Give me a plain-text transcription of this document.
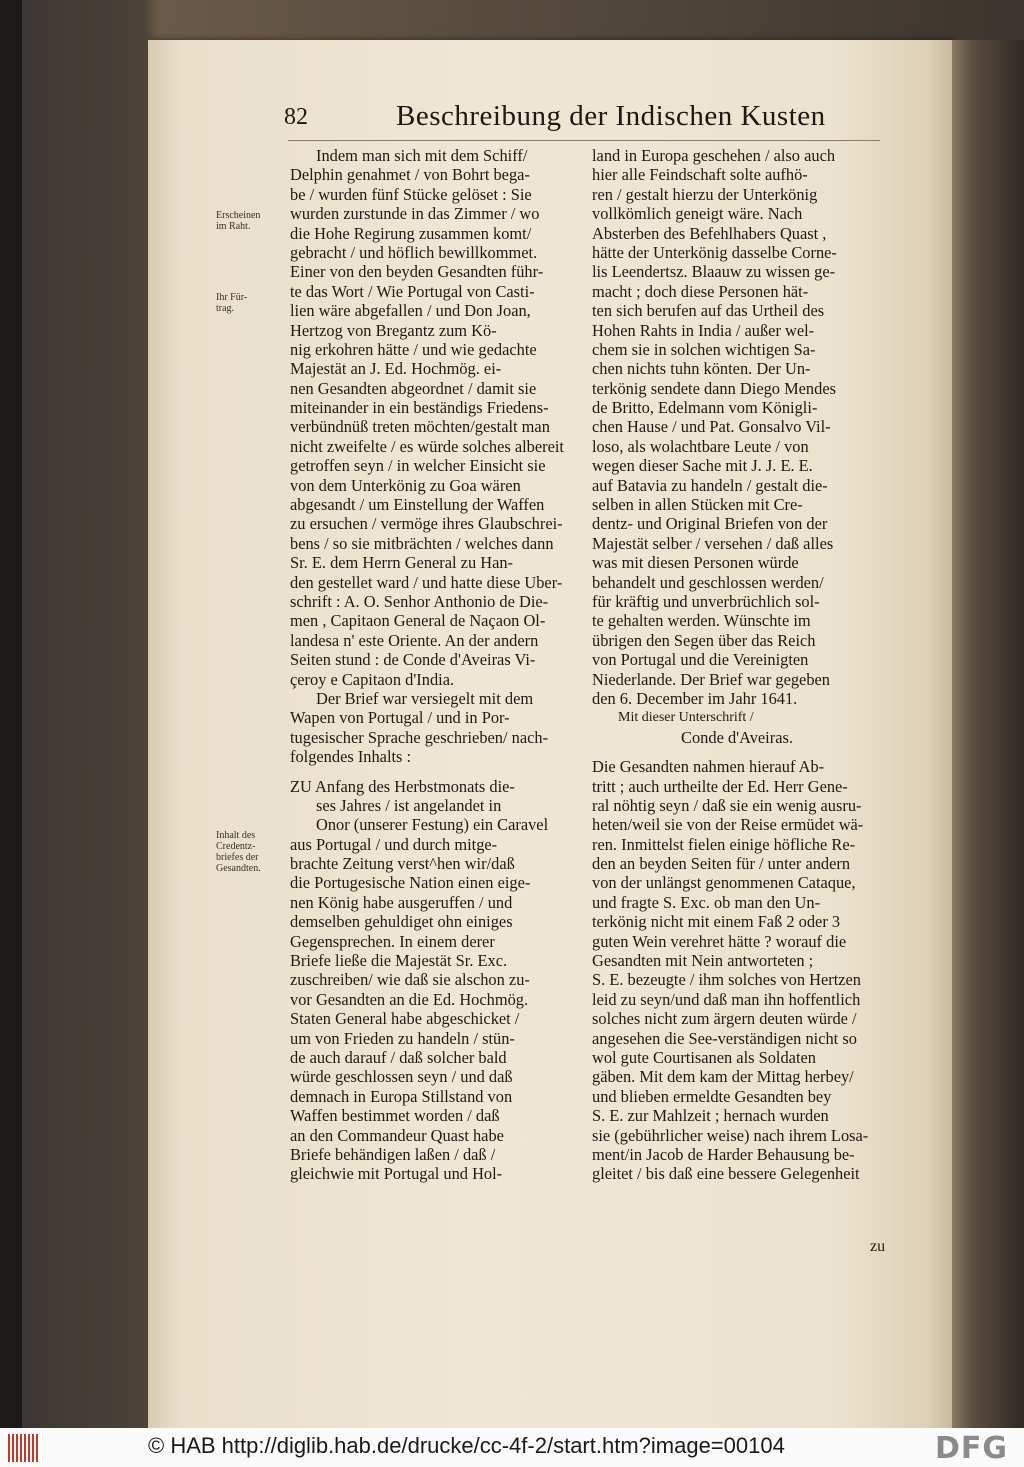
82	Beschreibung der Indischen Kusten
Erscheinen
im Raht.
Ihr Für-
trag.
Inhalt des
Credentz-
briefes der
Gesandten.
Indem man sich mit dem Schiff/
Delphin genahmet / von Bohrt bega-
be / wurden fünf Stücke gelöset : Sie
wurden zurstunde in das Zimmer / wo
die Hohe Regirung zusammen komt/
gebracht / und höflich bewillkommet.
Einer von den beyden Gesandten führ-
te das Wort / Wie Portugal von Casti-
lien wäre abgefallen / und Don Joan,
Hertzog von Bregantz zum Kö-
nig erkohren hätte / und wie gedachte
Majestät an J. Ed. Hochmög. ei-
nen Gesandten abgeordnet / damit sie
miteinander in ein beständigs Friedens-
verbündnüß treten möchten/gestalt man
nicht zweifelte / es würde solches albereit
getroffen seyn / in welcher Einsicht sie
von dem Unterkönig zu Goa wären
abgesandt / um Einstellung der Waffen
zu ersuchen / vermöge ihres Glaubschrei-
bens / so sie mitbrächten / welches dann
Sr. E. dem Herrn General zu Han-
den gestellet ward / und hatte diese Uber-
schrift : A. O. Senhor Anthonio de Die-
men , Capitaon General de Naçaon Ol-
landesa n' este Oriente. An der andern
Seiten stund : de Conde d'Aveiras Vi-
çeroy e Capitaon d'India.
Der Brief war versiegelt mit dem
Wapen von Portugal / und in Por-
tugesischer Sprache geschrieben/ nach-
folgendes Inhalts :
ZU Anfang des Herbstmonats die-
ses Jahres / ist angelandet in
Onor (unserer Festung) ein Caravel
aus Portugal / und durch mitge-
brachte Zeitung verst^hen wir/daß
die Portugesische Nation einen eige-
nen König habe ausgeruffen / und
demselben gehuldiget ohn einiges
Gegensprechen. In einem derer
Briefe ließe die Majestät Sr. Exc.
zuschreiben/ wie daß sie alschon zu-
vor Gesandten an die Ed. Hochmög.
Staten General habe abgeschicket /
um von Frieden zu handeln / stün-
de auch darauf / daß solcher bald
würde geschlossen seyn / und daß
demnach in Europa Stillstand von
Waffen bestimmet worden / daß
an den Commandeur Quast habe
Briefe behändigen laßen / daß /
gleichwie mit Portugal und Hol-
land in Europa geschehen / also auch
hier alle Feindschaft solte aufhö-
ren / gestalt hierzu der Unterkönig
vollkömlich geneigt wäre. Nach
Absterben des Befehlhabers Quast ,
hätte der Unterkönig dasselbe Corne-
lis Leendertsz. Blaauw zu wissen ge-
macht ; doch diese Personen hät-
ten sich berufen auf das Urtheil des
Hohen Rahts in India / außer wel-
chem sie in solchen wichtigen Sa-
chen nichts tuhn könten. Der Un-
terkönig sendete dann Diego Mendes
de Britto, Edelmann vom Königli-
chen Hause / und Pat. Gonsalvo Vil-
loso, als wolachtbare Leute / von
wegen dieser Sache mit J. J. E. E.
auf Batavia zu handeln / gestalt die-
selben in allen Stücken mit Cre-
dentz- und Original Briefen von der
Majestät selber / versehen / daß alles
was mit diesen Personen würde
behandelt und geschlossen werden/
für kräftig und unverbrüchlich sol-
te gehalten werden. Wünschte im
übrigen den Segen über das Reich
von Portugal und die Vereinigten
Niederlande. Der Brief war gegeben
den 6. December im Jahr 1641.
Mit dieser Unterschrift /
Conde d'Aveiras.
Die Gesandten nahmen hierauf Ab-
tritt ; auch urtheilte der Ed. Herr Gene-
ral nöhtig seyn / daß sie ein wenig ausru-
heten/weil sie von der Reise ermüdet wä-
ren. Inmittelst fielen einige höfliche Re-
den an beyden Seiten für / unter andern
von der unlängst genommenen Cataque,
und fragte S. Exc. ob man den Un-
terkönig nicht mit einem Faß 2 oder 3
guten Wein verehret hätte ? worauf die
Gesandten mit Nein antworteten ;
S. E. bezeugte / ihm solches von Hertzen
leid zu seyn/und daß man ihn hoffentlich
solches nicht zum ärgern deuten würde /
angesehen die See-verständigen nicht so
wol gute Courtisanen als Soldaten
gäben. Mit dem kam der Mittag herbey/
und blieben ermeldte Gesandten bey
S. E. zur Mahlzeit ; hernach wurden
sie (gebührlicher weise) nach ihrem Losa-
ment/in Jacob de Harder Behausung be-
gleitet / bis daß eine bessere Gelegenheit
zu
© HAB http://diglib.hab.de/drucke/cc-4f-2/start.htm?image=00104	DFG
